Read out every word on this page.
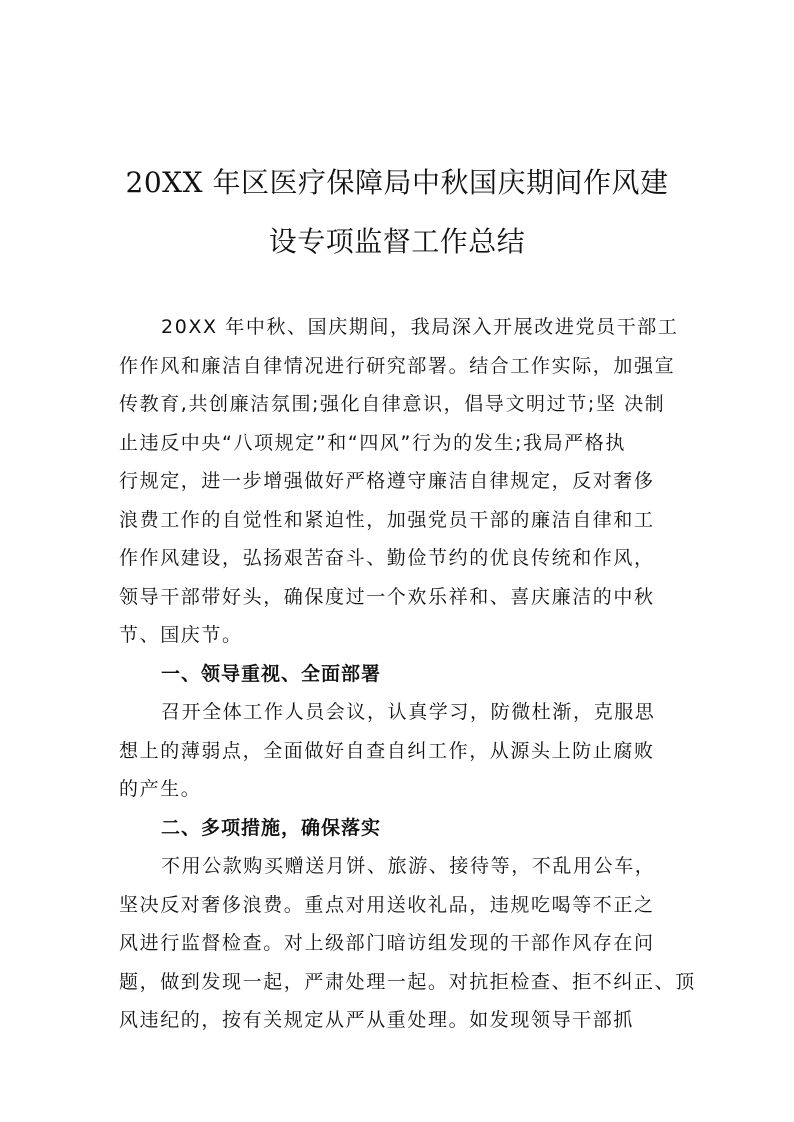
20XX 年区医疗保障局中秋国庆期间作风建
设专项监督工作总结
20XX 年中秋、国庆期间，我局深入开展改进党员干部工
作作风和廉洁自律情况进行研究部署。结合工作实际，加强宣
传教育,共创廉洁氛围;强化自律意识，倡导文明过节;坚 决制
止违反中央“八项规定”和“四风”行为的发生;我局严格执
行规定，进一步增强做好严格遵守廉洁自律规定，反对奢侈
浪费工作的自觉性和紧迫性，加强党员干部的廉洁自律和工
作作风建设，弘扬艰苦奋斗、勤俭节约的优良传统和作风，
领导干部带好头，确保度过一个欢乐祥和、喜庆廉洁的中秋
节、国庆节。
一、领导重视、全面部署
召开全体工作人员会议，认真学习，防微杜渐，克服思
想上的薄弱点，全面做好自查自纠工作，从源头上防止腐败
的产生。
二、多项措施，确保落实
不用公款购买赠送月饼、旅游、接待等，不乱用公车，
坚决反对奢侈浪费。重点对用送收礼品，违规吃喝等不正之
风进行监督检查。对上级部门暗访组发现的干部作风存在问
题，做到发现一起，严肃处理一起。对抗拒检查、拒不纠正、顶
风违纪的，按有关规定从严从重处理。如发现领导干部抓
